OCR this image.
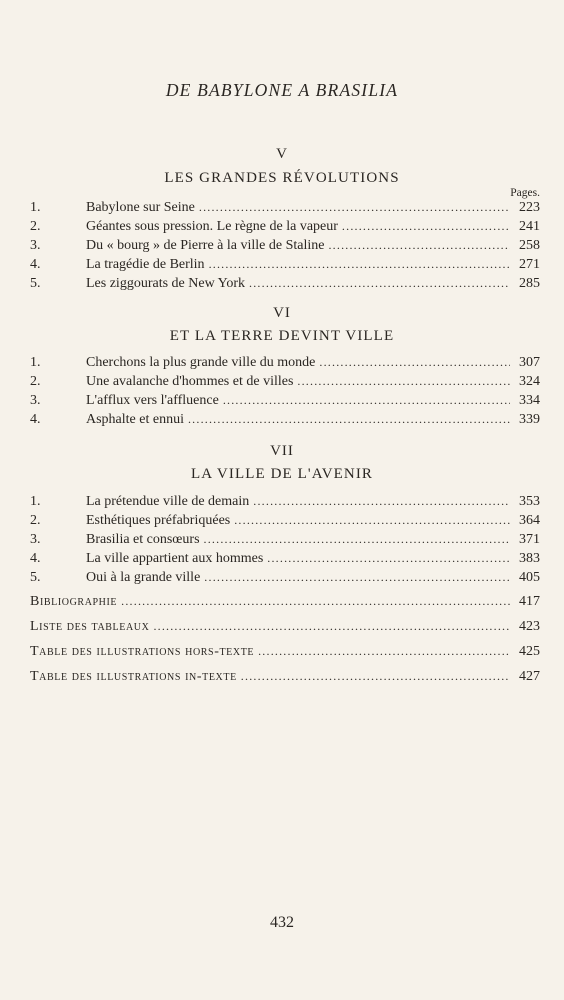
DE BABYLONE A BRASILIA
V
LES GRANDES RÉVOLUTIONS
Pages.
1.	Babylone sur Seine .....	223
2.	Géantes sous pression. Le règne de la vapeur .....	241
3.	Du « bourg » de Pierre à la ville de Staline .....	258
4.	La tragédie de Berlin .....	271
5.	Les ziggourats de New York .....	285
VI
ET LA TERRE DEVINT VILLE
1.	Cherchons la plus grande ville du monde .....	307
2.	Une avalanche d'hommes et de villes .....	324
3.	L'afflux vers l'affluence .....	334
4.	Asphalte et ennui .....	339
VII
LA VILLE DE L'AVENIR
1.	La prétendue ville de demain .....	353
2.	Esthétiques préfabriquées .....	364
3.	Brasilia et consœurs .....	371
4.	La ville appartient aux hommes .....	383
5.	Oui à la grande ville .....	405
Bibliographie .....	417
Liste des tableaux .....	423
Table des illustrations hors-texte .....	425
Table des illustrations in-texte .....	427
432
